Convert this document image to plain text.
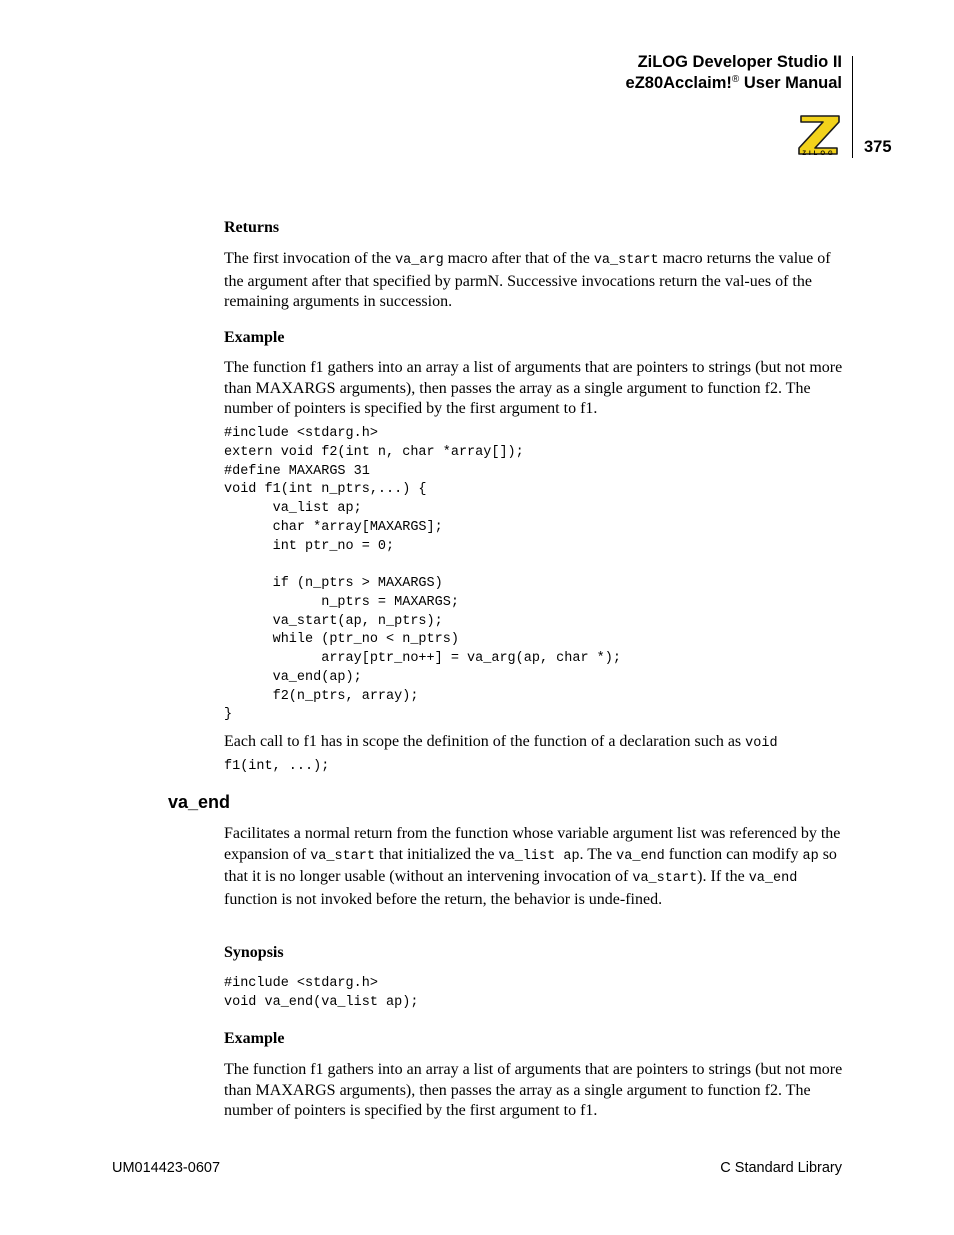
ZiLOG Developer Studio II
eZ80Acclaim!® User Manual
ZILOG	375
Returns
The first invocation of the va_arg macro after that of the va_start macro returns the value of the argument after that specified by parmN. Successive invocations return the val-ues of the remaining arguments in succession.
Example
The function f1 gathers into an array a list of arguments that are pointers to strings (but not more than MAXARGS arguments), then passes the array as a single argument to function f2. The number of pointers is specified by the first argument to f1.
#include <stdarg.h>
extern void f2(int n, char *array[]);
#define MAXARGS 31
void f1(int n_ptrs,...) {
va_list ap;
char *array[MAXARGS];
int ptr_no = 0;

if (n_ptrs > MAXARGS)
n_ptrs = MAXARGS;
va_start(ap, n_ptrs);
while (ptr_no < n_ptrs)
array[ptr_no++] = va_arg(ap, char *);
va_end(ap);
f2(n_ptrs, array);
}
Each call to f1 has in scope the definition of the function of a declaration such as void
f1(int, ...);
va_end
Facilitates a normal return from the function whose variable argument list was referenced by the expansion of va_start that initialized the va_list ap. The va_end function can modify ap so that it is no longer usable (without an intervening invocation of va_start). If the va_end function is not invoked before the return, the behavior is unde-fined.
Synopsis
#include <stdarg.h>
void va_end(va_list ap);
Example
The function f1 gathers into an array a list of arguments that are pointers to strings (but not more than MAXARGS arguments), then passes the array as a single argument to function f2. The number of pointers is specified by the first argument to f1.
UM014423-0607	C Standard Library
